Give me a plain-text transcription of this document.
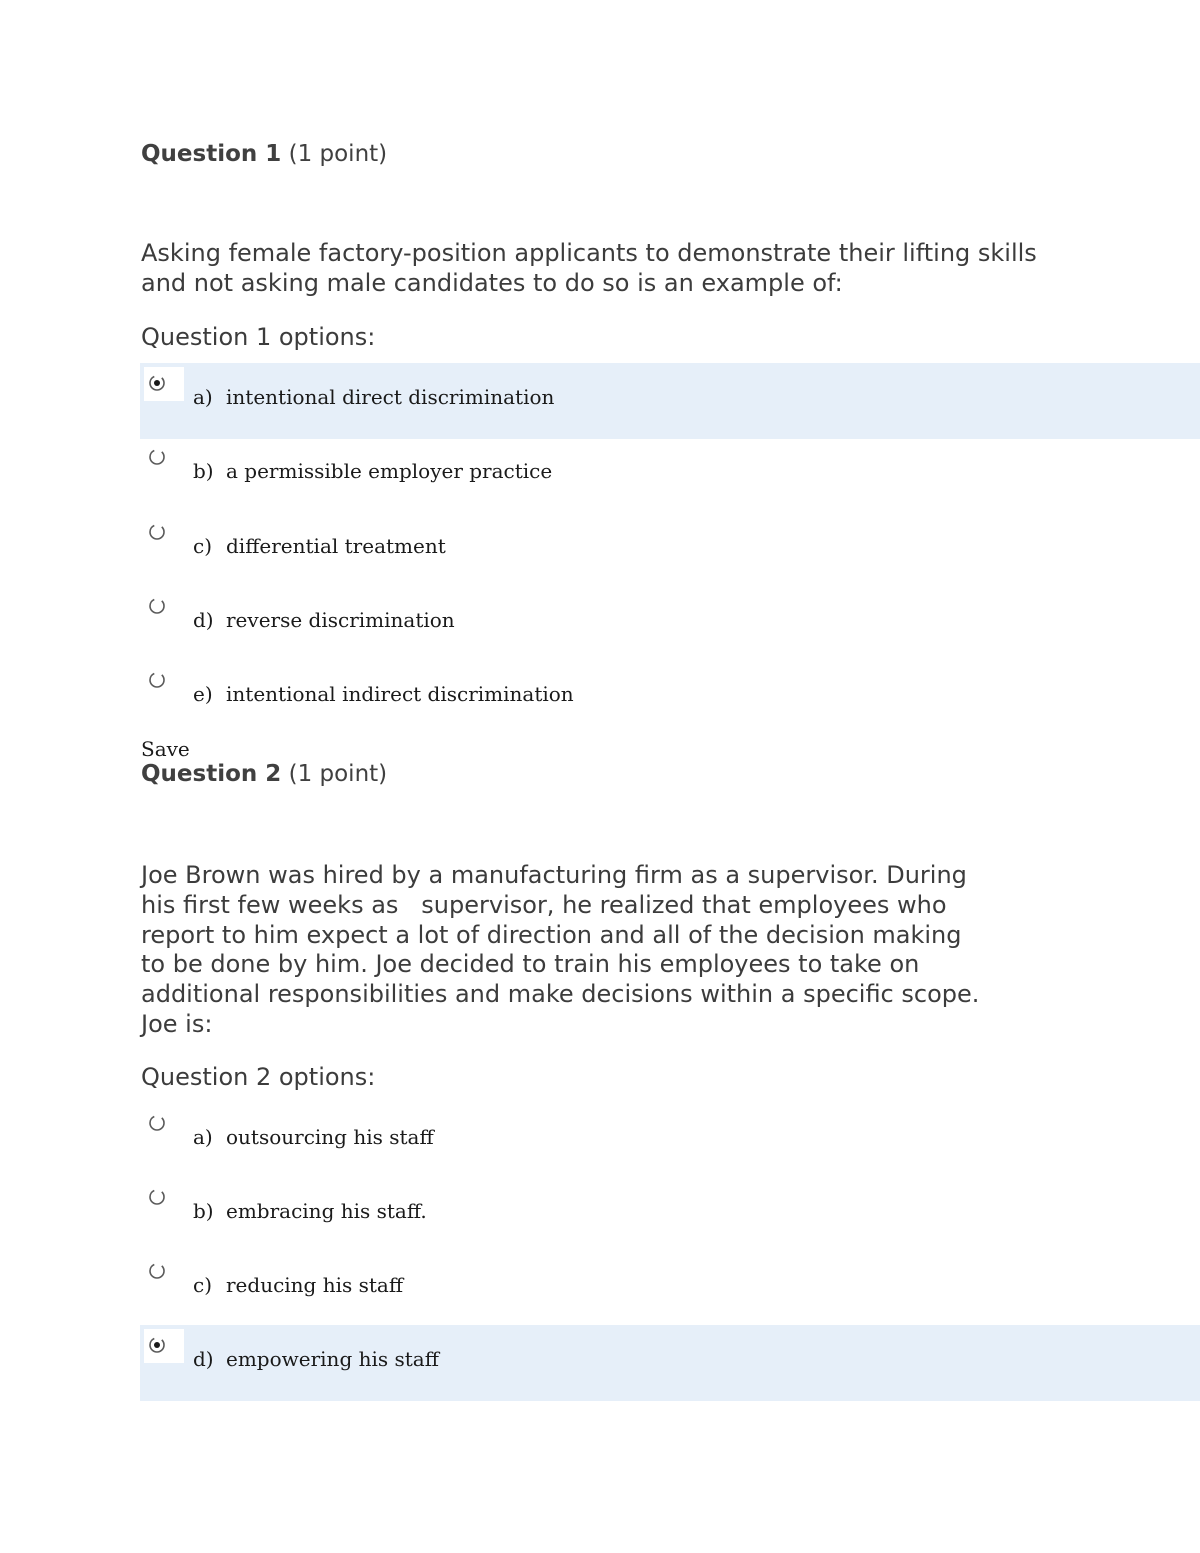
Question 1 (1 point)
Asking female factory-position applicants to demonstrate their lifting skills and not asking male candidates to do so is an example of:
Question 1 options:
a) intentional direct discrimination
b) a permissible employer practice
c) differential treatment
d) reverse discrimination
e) intentional indirect discrimination
Save
Question 2 (1 point)
Joe Brown was hired by a manufacturing firm as a supervisor. During
his first few weeks as   supervisor, he realized that employees who
report to him expect a lot of direction and all of the decision making
to be done by him. Joe decided to train his employees to take on
additional responsibilities and make decisions within a specific scope.
Joe is:
Question 2 options:
a) outsourcing his staff
b) embracing his staff.
c) reducing his staff
d) empowering his staff
